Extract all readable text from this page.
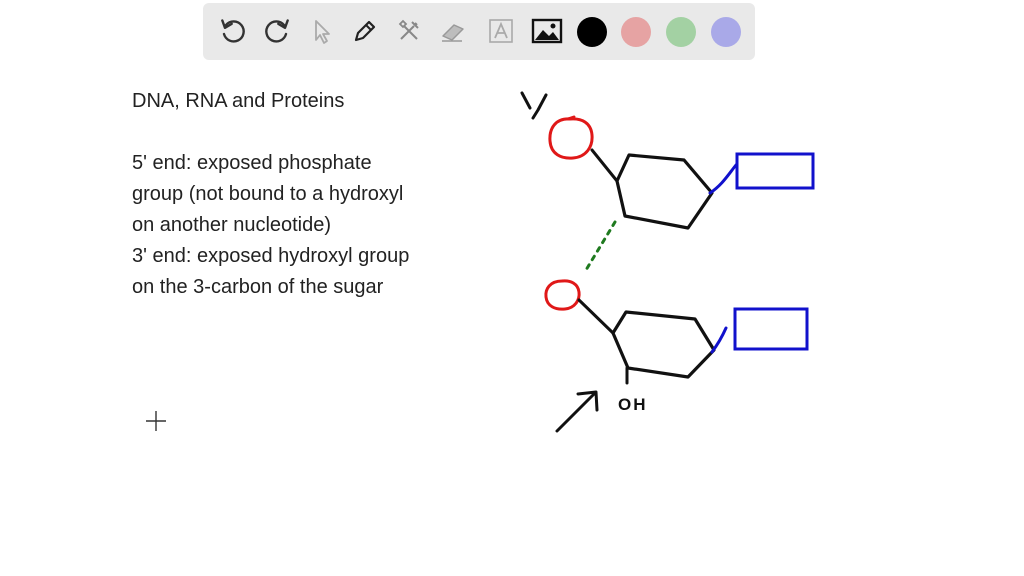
DNA, RNA and Proteins
5' end: exposed phosphate
group (not bound to a hydroxyl
on another nucleotide)
3' end: exposed hydroxyl group
on the 3-carbon of the sugar
OH
